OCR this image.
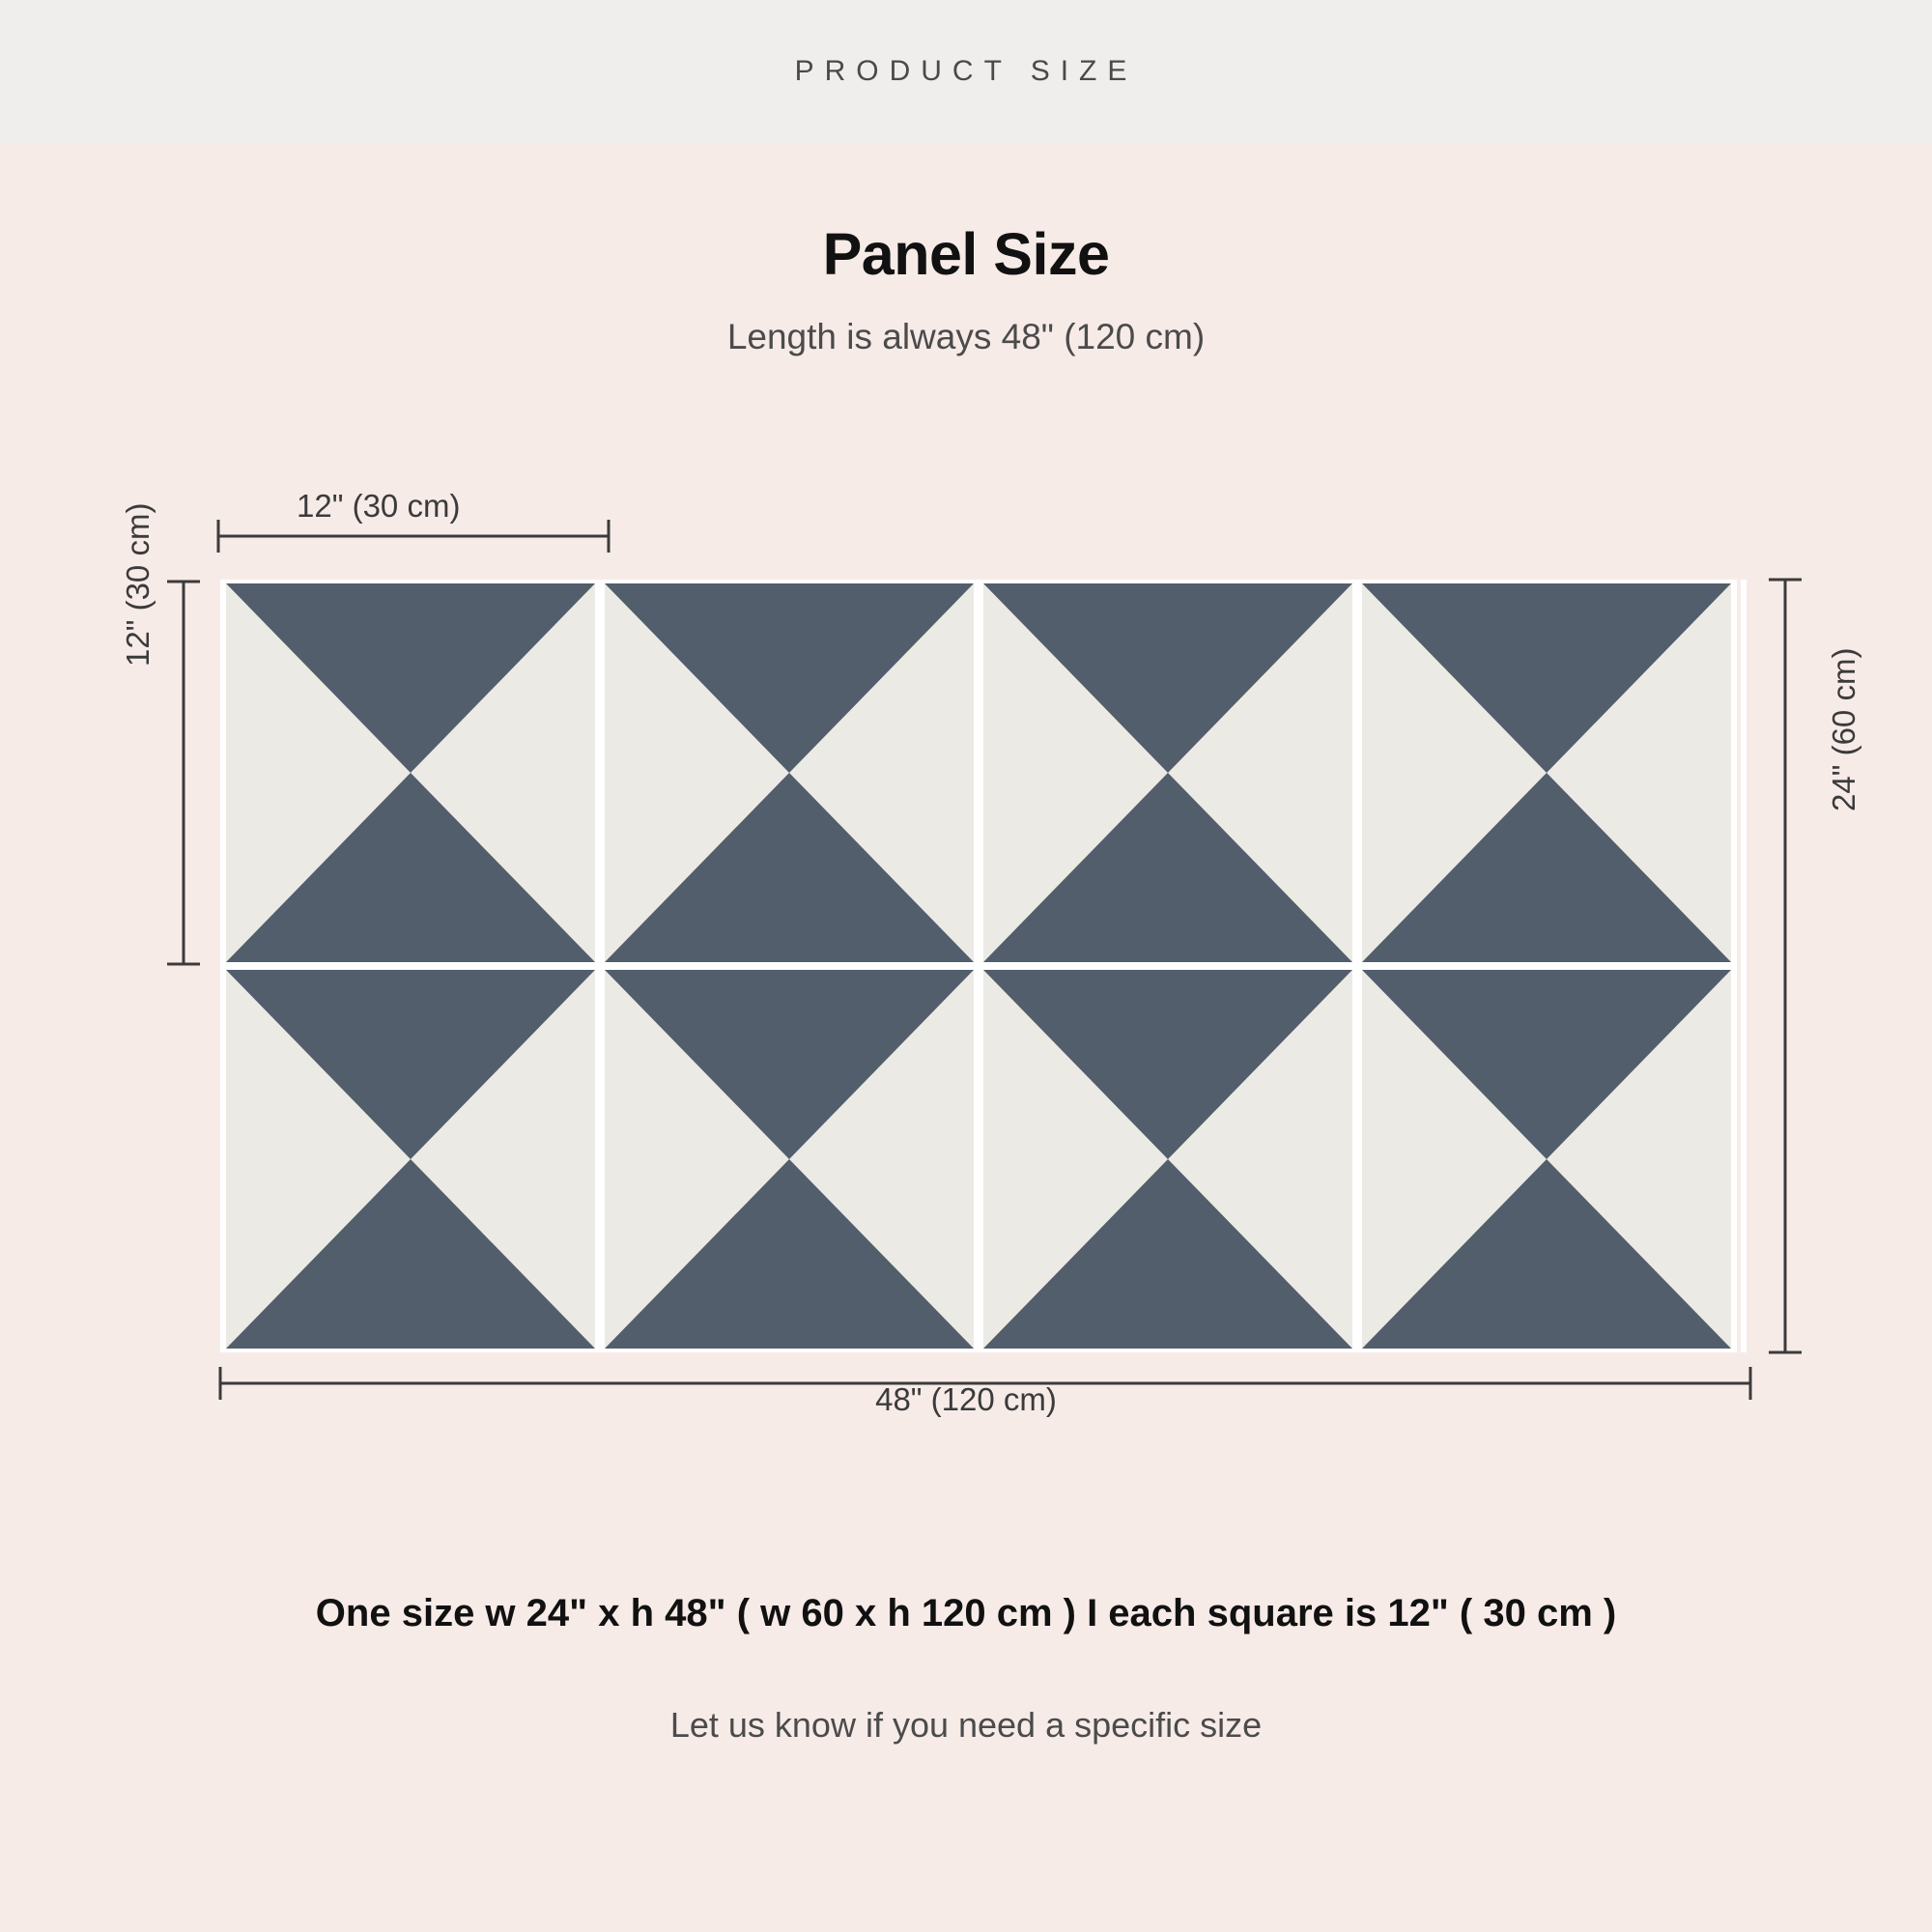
PRODUCT SIZE
Panel Size
Length is always 48" (120 cm)
12" (30 cm)
12" (30 cm)
24" (60 cm)
48" (120 cm)
One size w 24" x h 48" ( w 60 x h 120 cm ) I each square is 12" ( 30 cm )
Let us know if you need a specific size
